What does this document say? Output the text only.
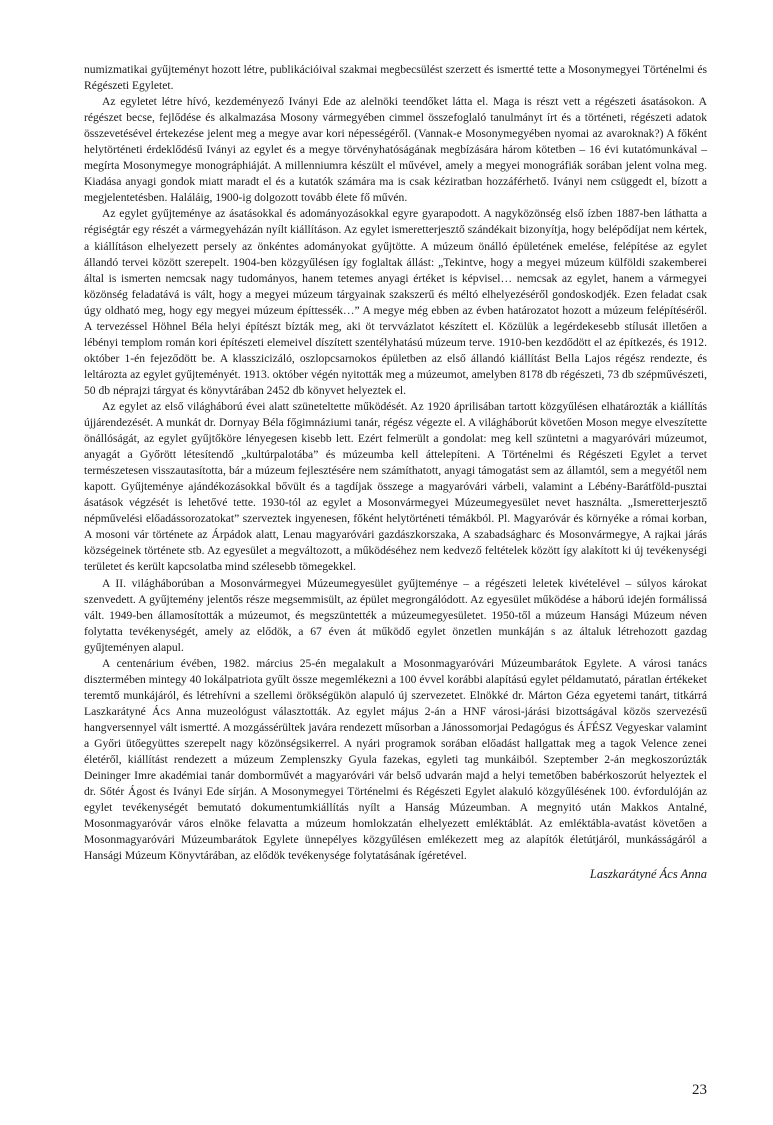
numizmatikai gyűjteményt hozott létre, publikációival szakmai megbecsülést szerzett és ismertté tette a Mosonymegyei Történelmi és Régészeti Egyletet.

Az egyletet létre hívó, kezdeményező Iványi Ede az alelnöki teendőket látta el. Maga is részt vett a régészeti ásatásokon. A régészet becse, fejlődése és alkalmazása Mosony vármegyében cimmel összefoglaló tanulmányt írt és a történeti, régészeti adatok összevetésével értekezése jelent meg a megye avar kori népességéről. (Vannak-e Mosonymegyében nyomai az avaroknak?) A főként helytörténeti érdeklődésű Iványi az egylet és a megye törvényhatóságának megbízására három kötetben – 16 évi kutatómunkával – megírta Mosonymegye monográphiáját. A millenniumra készült el művével, amely a megyei monográfiák sorában jelent volna meg. Kiadása anyagi gondok miatt maradt el és a kutatók számára ma is csak kéziratban hozzáférhető. Iványi nem csüggedt el, bízott a megjelentetésben. Haláláig, 1900-ig dolgozott tovább élete fő művén.

Az egylet gyűjteménye az ásatásokkal és adományozásokkal egyre gyarapodott. A nagyközönség első ízben 1887-ben láthatta a régiségtár egy részét a vármegyeházán nyílt kiállításon. Az egylet ismeretterjesztő szándékait bizonyítja, hogy belépődíjat nem kértek, a kiállításon elhelyezett persely az önkéntes adományokat gyűjtötte. A múzeum önálló épületének emelése, felépítése az egylet állandó tervei között szerepelt. 1904-ben közgyűlésen így foglaltak állást: „Tekintve, hogy a megyei múzeum külföldi szakemberei által is ismerten nemcsak nagy tudományos, hanem tetemes anyagi értéket is képvisel… nemcsak az egylet, hanem a vármegyei közönség feladatává is vált, hogy a megyei múzeum tárgyainak szakszerű és méltó elhelyezéséről gondoskodjék. Ezen feladat csak úgy oldható meg, hogy egy megyei múzeum építtessék…” A megye még ebben az évben határozatot hozott a múzeum felépítéséről. A tervezéssel Höhnel Béla helyi építészt bízták meg, aki öt tervvázlatot készített el. Közülük a legérdekesebb stílusát illetően a lébényi templom román kori építészeti elemeivel díszített szentélyhatású múzeum terve. 1910-ben kezdődött el az építkezés, és 1912. október 1-én fejeződött be. A klasszicizáló, oszlopcsarnokos épületben az első állandó kiállítást Bella Lajos régész rendezte, és leltározta az egylet gyűjteményét. 1913. október végén nyitották meg a múzeumot, amelyben 8178 db régészeti, 73 db szépművészeti, 50 db néprajzi tárgyat és könyvtárában 2452 db könyvet helyeztek el.

Az egylet az első világháború évei alatt szüneteltette működését. Az 1920 áprilisában tartott közgyűlésen elhatározták a kiállítás újjárendezését. A munkát dr. Dornyay Béla főgimnáziumi tanár, régész végezte el. A világháborút követően Moson megye elveszítette önállóságát, az egylet gyűjtőköre lényegesen kisebb lett. Ezért felmerült a gondolat: meg kell szüntetni a magyaróvári múzeumot, anyagát a Győrött létesítendő „kultúrpalotába” és múzeumba kell áttelepíteni. A Történelmi és Régészeti Egylet a tervet természetesen visszautasította, bár a múzeum fejlesztésére nem számíthatott, anyagi támogatást sem az államtól, sem a megyétől nem kapott. Gyűjteménye ajándékozásokkal bővült és a tagdíjak összege a magyaróvári várbeli, valamint a Lébény-Barátföld-pusztai ásatások végzését is lehetővé tette. 1930-tól az egylet a Mosonvármegyei Múzeumegyesület nevet használta. „Ismeretterjesztő népművelési előadássorozatokat” szerveztek ingyenesen, főként helytörténeti témákból. Pl. Magyaróvár és környéke a római korban, A mosoni vár története az Árpádok alatt, Lenau magyaróvári gazdászkorszaka, A szabadságharc és Mosonvármegye, A rajkai járás községeinek története stb. Az egyesület a megváltozott, a működéséhez nem kedvező feltételek között így alakított ki új tevékenységi területet és került kapcsolatba mind szélesebb tömegekkel.

A II. világháborúban a Mosonvármegyei Múzeumegyesület gyűjteménye – a régészeti leletek kivételével – súlyos károkat szenvedett. A gyűjtemény jelentős része megsemmisült, az épület megrongálódott. Az egyesület működése a háború idején formálissá vált. 1949-ben államosították a múzeumot, és megszüntették a múzeumegyesületet. 1950-től a múzeum Hansági Múzeum néven folytatta tevékenységét, amely az elődök, a 67 éven át működő egylet önzetlen munkáján s az általuk létrehozott gazdag gyűjteményen alapul.

A centenárium évében, 1982. március 25-én megalakult a Mosonmagyaróvári Múzeumbarátok Egylete. A városi tanács disztermében mintegy 40 lokálpatriota gyűlt össze megemlékezni a 100 évvel korábbi alapítású egylet példamutató, páratlan értékeket teremtő munkájáról, és létrehívni a szellemi örökségükön alapuló új szervezetet. Elnökké dr. Márton Géza egyetemi tanárt, titkárrá Laszkarátyné Ács Anna muzeológust választották. Az egylet május 2-án a HNF városi-járási bizottságával közös szervezésű hangversennyel vált ismertté. A mozgássérültek javára rendezett műsorban a Jánossomorjai Pedagógus és ÁFÉSZ Vegyeskar valamint a Győri ütőegyüttes szerepelt nagy közönségsikerrel. A nyári programok sorában előadást hallgattak meg a tagok Velence zenei életéről, kiállítást rendezett a múzeum Zemplenszky Gyula fazekas, egyleti tag munkáiból. Szeptember 2-án megkoszorúzták Deininger Imre akadémiai tanár domborművét a magyaróvári vár belső udvarán majd a helyi temetőben babérkoszorút helyeztek el dr. Sőtér Ágost és Iványi Ede sírján. A Mosonymegyei Történelmi és Régészeti Egylet alakuló közgyűlésének 100. évfordulóján az egylet tevékenységét bemutató dokumentumkiállítás nyílt a Hanság Múzeumban. A megnyitó után Makkos Antalné, Mosonmagyaróvár város elnöke felavatta a múzeum homlokzatán elhelyezett emléktáblát. Az emléktábla-avatást követően a Mosonmagyaróvári Múzeumbarátok Egylete ünnepélyes közgyűlésen emlékezett meg az alapítók életútjáról, munkásságáról a Hansági Múzeum Könyvtárában, az elődök tevékenysége folytatásának ígéretével.

Laszkarátyné Ács Anna

23
